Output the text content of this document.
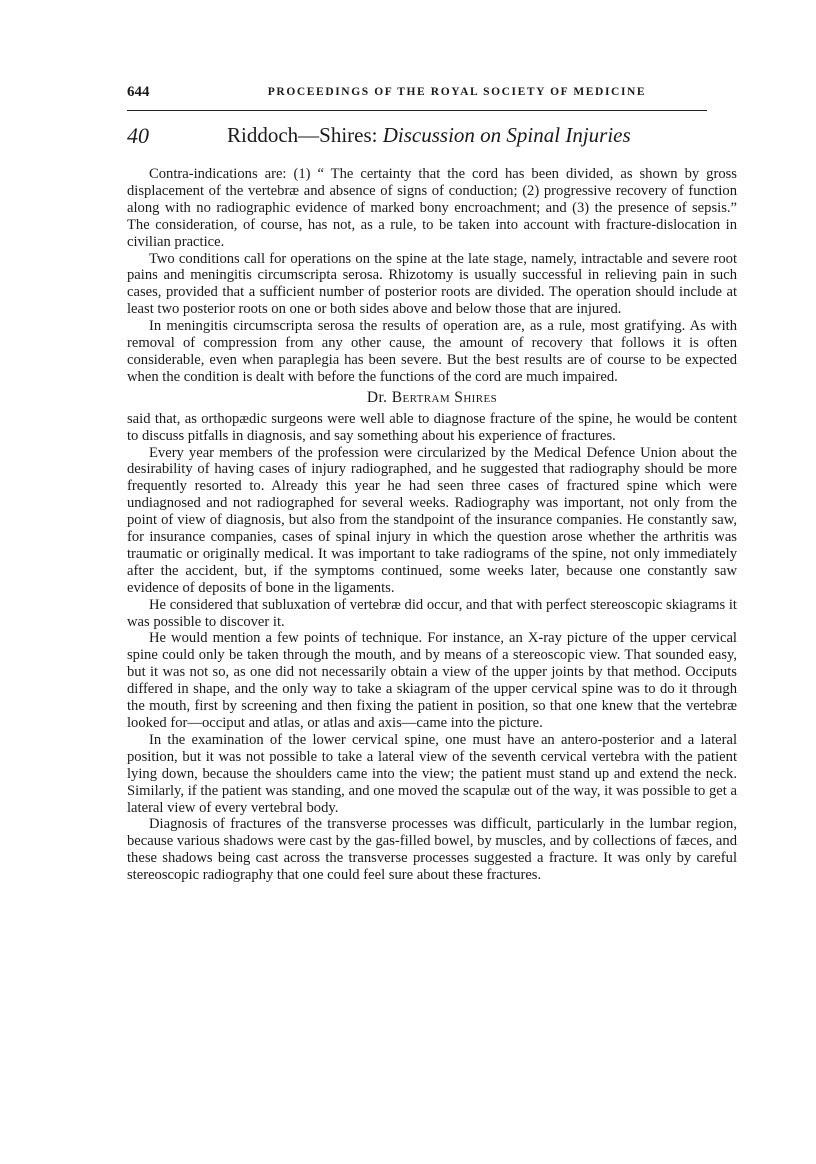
644	PROCEEDINGS OF THE ROYAL SOCIETY OF MEDICINE
40	Riddoch—Shires: Discussion on Spinal Injuries

Contra-indications are: (1) “ The certainty that the cord has been divided, as shown by gross displacement of the vertebræ and absence of signs of conduction; (2) progressive recovery of function along with no radiographic evidence of marked bony encroachment; and (3) the presence of sepsis.” The consideration, of course, has not, as a rule, to be taken into account with fracture-dislocation in civilian practice.

Two conditions call for operations on the spine at the late stage, namely, intractable and severe root pains and meningitis circumscripta serosa. Rhizotomy is usually successful in relieving pain in such cases, provided that a sufficient number of posterior roots are divided. The operation should include at least two posterior roots on one or both sides above and below those that are injured.

In meningitis circumscripta serosa the results of operation are, as a rule, most gratifying. As with removal of compression from any other cause, the amount of recovery that follows it is often considerable, even when paraplegia has been severe. But the best results are of course to be expected when the condition is dealt with before the functions of the cord are much impaired.

Dr. Bertram Shires

said that, as orthopædic surgeons were well able to diagnose fracture of the spine, he would be content to discuss pitfalls in diagnosis, and say something about his experience of fractures.

Every year members of the profession were circularized by the Medical Defence Union about the desirability of having cases of injury radiographed, and he suggested that radiography should be more frequently resorted to. Already this year he had seen three cases of fractured spine which were undiagnosed and not radiographed for several weeks. Radiography was important, not only from the point of view of diagnosis, but also from the standpoint of the insurance companies. He constantly saw, for insurance companies, cases of spinal injury in which the question arose whether the arthritis was traumatic or originally medical. It was important to take radiograms of the spine, not only immediately after the accident, but, if the symptoms continued, some weeks later, because one constantly saw evidence of deposits of bone in the ligaments.

He considered that subluxation of vertebræ did occur, and that with perfect stereoscopic skiagrams it was possible to discover it.

He would mention a few points of technique. For instance, an X-ray picture of the upper cervical spine could only be taken through the mouth, and by means of a stereoscopic view. That sounded easy, but it was not so, as one did not necessarily obtain a view of the upper joints by that method. Occiputs differed in shape, and the only way to take a skiagram of the upper cervical spine was to do it through the mouth, first by screening and then fixing the patient in position, so that one knew that the vertebræ looked for—occiput and atlas, or atlas and axis—came into the picture.

In the examination of the lower cervical spine, one must have an antero-posterior and a lateral position, but it was not possible to take a lateral view of the seventh cervical vertebra with the patient lying down, because the shoulders came into the view; the patient must stand up and extend the neck. Similarly, if the patient was standing, and one moved the scapulæ out of the way, it was possible to get a lateral view of every vertebral body.

Diagnosis of fractures of the transverse processes was difficult, particularly in the lumbar region, because various shadows were cast by the gas-filled bowel, by muscles, and by collections of fæces, and these shadows being cast across the transverse processes suggested a fracture. It was only by careful stereoscopic radiography that one could feel sure about these fractures.
